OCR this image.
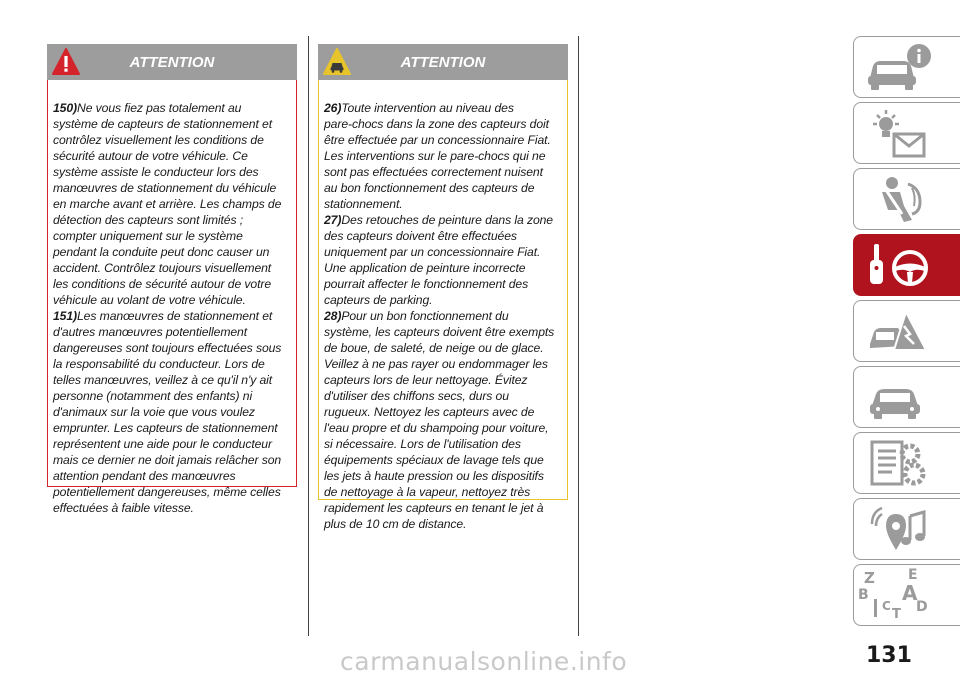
ATTENTION

150)Ne vous fiez pas totalement au
système de capteurs de stationnement et
contrôlez visuellement les conditions de
sécurité autour de votre véhicule. Ce
système assiste le conducteur lors des
manœuvres de stationnement du véhicule
en marche avant et arrière. Les champs de
détection des capteurs sont limités ;
compter uniquement sur le système
pendant la conduite peut donc causer un
accident. Contrôlez toujours visuellement
les conditions de sécurité autour de votre
véhicule au volant de votre véhicule.

151)Les manœuvres de stationnement et
d'autres manœuvres potentiellement
dangereuses sont toujours effectuées sous
la responsabilité du conducteur. Lors de
telles manœuvres, veillez à ce qu'il n'y ait
personne (notamment des enfants) ni
d'animaux sur la voie que vous voulez
emprunter. Les capteurs de stationnement
représentent une aide pour le conducteur
mais ce dernier ne doit jamais relâcher son
attention pendant des manœuvres
potentiellement dangereuses, même celles
effectuées à faible vitesse.

ATTENTION

26)Toute intervention au niveau des
pare-chocs dans la zone des capteurs doit
être effectuée par un concessionnaire Fiat.
Les interventions sur le pare-chocs qui ne
sont pas effectuées correctement nuisent
au bon fonctionnement des capteurs de
stationnement.

27)Des retouches de peinture dans la zone
des capteurs doivent être effectuées
uniquement par un concessionnaire Fiat.
Une application de peinture incorrecte
pourrait affecter le fonctionnement des
capteurs de parking.

28)Pour un bon fonctionnement du
système, les capteurs doivent être exempts
de boue, de saleté, de neige ou de glace.
Veillez à ne pas rayer ou endommager les
capteurs lors de leur nettoyage. Évitez
d'utiliser des chiffons secs, durs ou
rugueux. Nettoyez les capteurs avec de
l'eau propre et du shampoing pour voiture,
si nécessaire. Lors de l'utilisation des
équipements spéciaux de lavage tels que
les jets à haute pression ou les dispositifs
de nettoyage à la vapeur, nettoyez très
rapidement les capteurs en tenant le jet à
plus de 10 cm de distance.

Z E
B A
C D
T
131
carmanualsonline.info
